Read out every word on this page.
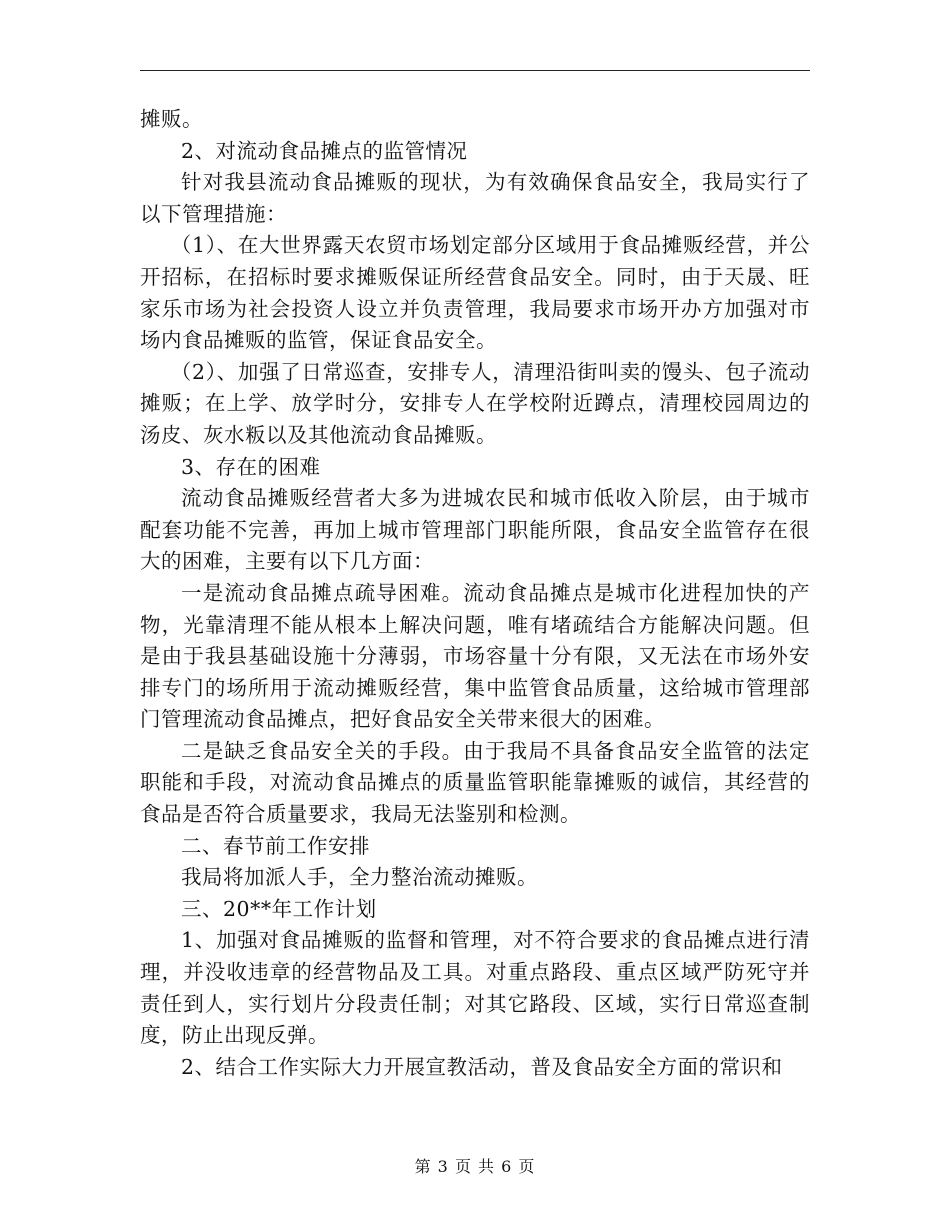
摊贩。

2、对流动食品摊点的监管情况

针对我县流动食品摊贩的现状，为有效确保食品安全，我局实行了以下管理措施：

（1）、在大世界露天农贸市场划定部分区域用于食品摊贩经营，并公开招标，在招标时要求摊贩保证所经营食品安全。同时，由于天晟、旺家乐市场为社会投资人设立并负责管理，我局要求市场开办方加强对市场内食品摊贩的监管，保证食品安全。

（2）、加强了日常巡查，安排专人，清理沿街叫卖的馒头、包子流动摊贩；在上学、放学时分，安排专人在学校附近蹲点，清理校园周边的汤皮、灰水粄以及其他流动食品摊贩。

3、存在的困难

流动食品摊贩经营者大多为进城农民和城市低收入阶层，由于城市配套功能不完善，再加上城市管理部门职能所限，食品安全监管存在很大的困难，主要有以下几方面：

一是流动食品摊点疏导困难。流动食品摊点是城市化进程加快的产物，光靠清理不能从根本上解决问题，唯有堵疏结合方能解决问题。但是由于我县基础设施十分薄弱，市场容量十分有限，又无法在市场外安排专门的场所用于流动摊贩经营，集中监管食品质量，这给城市管理部门管理流动食品摊点，把好食品安全关带来很大的困难。

二是缺乏食品安全关的手段。由于我局不具备食品安全监管的法定职能和手段，对流动食品摊点的质量监管职能靠摊贩的诚信，其经营的食品是否符合质量要求，我局无法鉴别和检测。

二、春节前工作安排

我局将加派人手，全力整治流动摊贩。

三、20**年工作计划

1、加强对食品摊贩的监督和管理，对不符合要求的食品摊点进行清理，并没收违章的经营物品及工具。对重点路段、重点区域严防死守并责任到人，实行划片分段责任制；对其它路段、区域，实行日常巡查制度，防止出现反弹。

2、结合工作实际大力开展宣教活动，普及食品安全方面的常识和

第 3 页 共 6 页
